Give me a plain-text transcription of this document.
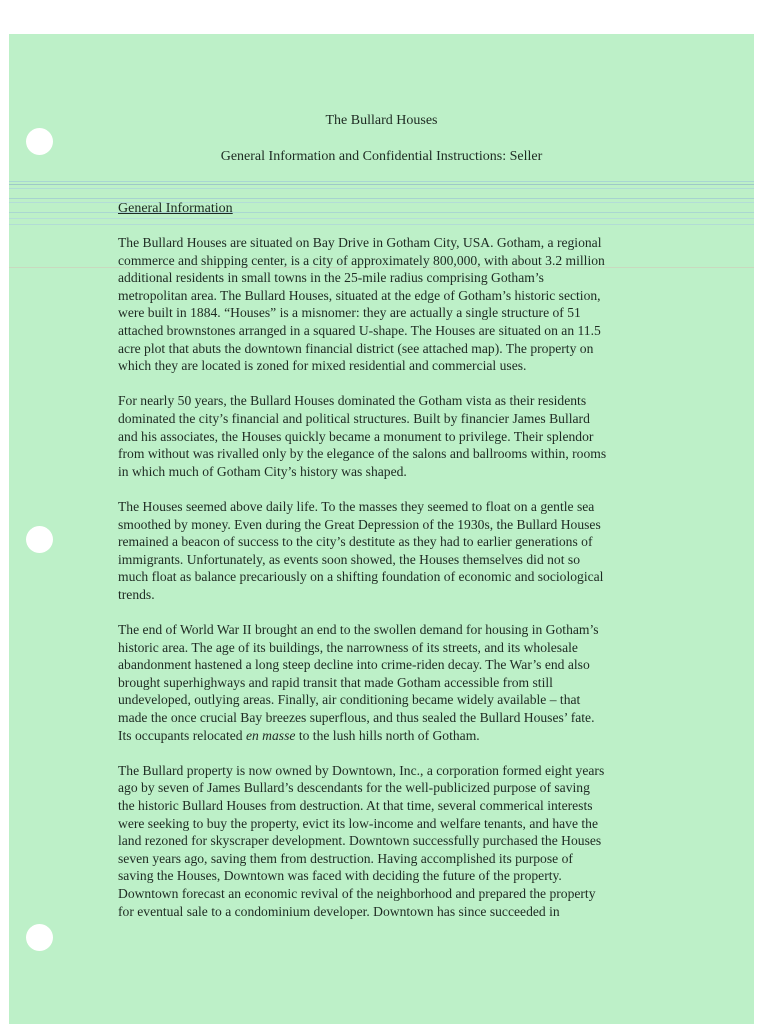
The Bullard Houses
General Information and Confidential Instructions: Seller
General Information

The Bullard Houses are situated on Bay Drive in Gotham City, USA. Gotham, a regional
commerce and shipping center, is a city of approximately 800,000, with about 3.2 million
additional residents in small towns in the 25-mile radius comprising Gotham’s
metropolitan area. The Bullard Houses, situated at the edge of Gotham’s historic section,
were built in 1884. “Houses” is a misnomer: they are actually a single structure of 51
attached brownstones arranged in a squared U-shape. The Houses are situated on an 11.5
acre plot that abuts the downtown financial district (see attached map). The property on
which they are located is zoned for mixed residential and commercial uses.

For nearly 50 years, the Bullard Houses dominated the Gotham vista as their residents
dominated the city’s financial and political structures. Built by financier James Bullard
and his associates, the Houses quickly became a monument to privilege. Their splendor
from without was rivalled only by the elegance of the salons and ballrooms within, rooms
in which much of Gotham City’s history was shaped.

The Houses seemed above daily life. To the masses they seemed to float on a gentle sea
smoothed by money. Even during the Great Depression of the 1930s, the Bullard Houses
remained a beacon of success to the city’s destitute as they had to earlier generations of
immigrants. Unfortunately, as events soon showed, the Houses themselves did not so
much float as balance precariously on a shifting foundation of economic and sociological
trends.

The end of World War II brought an end to the swollen demand for housing in Gotham’s
historic area. The age of its buildings, the narrowness of its streets, and its wholesale
abandonment hastened a long steep decline into crime-riden decay. The War’s end also
brought superhighways and rapid transit that made Gotham accessible from still
undeveloped, outlying areas. Finally, air conditioning became widely available – that
made the once crucial Bay breezes superflous, and thus sealed the Bullard Houses’ fate.
Its occupants relocated en masse to the lush hills north of Gotham.

The Bullard property is now owned by Downtown, Inc., a corporation formed eight years
ago by seven of James Bullard’s descendants for the well-publicized purpose of saving
the historic Bullard Houses from destruction. At that time, several commerical interests
were seeking to buy the property, evict its low-income and welfare tenants, and have the
land rezoned for skyscraper development. Downtown successfully purchased the Houses
seven years ago, saving them from destruction. Having accomplished its purpose of
saving the Houses, Downtown was faced with deciding the future of the property.
Downtown forecast an economic revival of the neighborhood and prepared the property
for eventual sale to a condominium developer. Downtown has since succeeded in
